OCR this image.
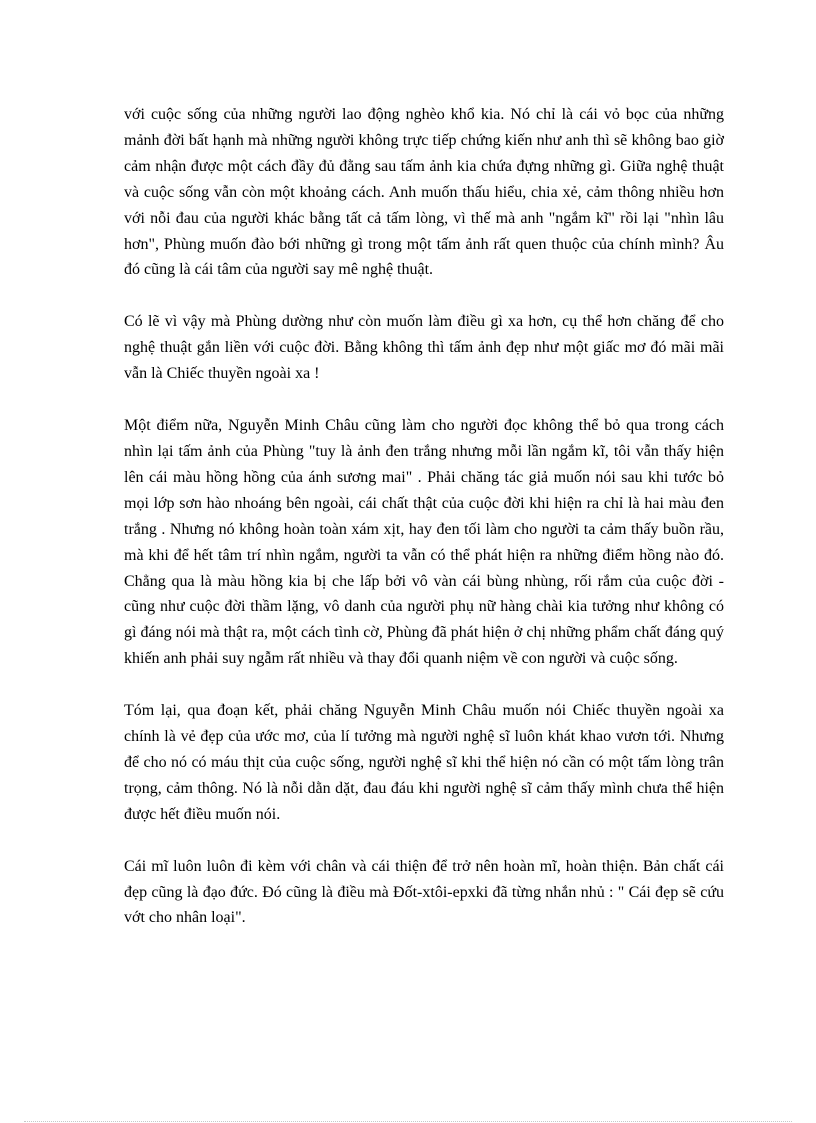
với cuộc sống của những người lao động nghèo khổ kia. Nó chỉ là cái vỏ bọc của những mảnh đời bất hạnh mà những người không trực tiếp chứng kiến như anh thì sẽ không bao giờ cảm nhận được một cách đầy đủ đằng sau tấm ảnh kia chứa đựng những gì. Giữa nghệ thuật và cuộc sống vẫn còn một khoảng cách. Anh muốn thấu hiểu, chia xẻ, cảm thông nhiều hơn với nỗi đau của người khác bằng tất cả tấm lòng, vì thế mà anh "ngắm kĩ" rồi lại "nhìn lâu hơn", Phùng muốn đào bới những gì trong một tấm ảnh rất quen thuộc của chính mình? Âu đó cũng là cái tâm của người say mê nghệ thuật.

Có lẽ vì vậy mà Phùng dường như còn muốn làm điều gì xa hơn, cụ thể hơn chăng để cho nghệ thuật gắn liền với cuộc đời. Bằng không thì tấm ảnh đẹp như một giấc mơ đó mãi mãi vẫn là Chiếc thuyền ngoài xa !

Một điểm nữa, Nguyễn Minh Châu cũng làm cho người đọc không thể bỏ qua trong cách nhìn lại tấm ảnh của Phùng "tuy là ảnh đen trắng nhưng mỗi lần ngắm kĩ, tôi vẫn thấy hiện lên cái màu hồng hồng của ánh sương mai" . Phải chăng tác giả muốn nói sau khi tước bỏ mọi lớp sơn hào nhoáng bên ngoài, cái chất thật của cuộc đời khi hiện ra chỉ là hai màu đen trắng . Nhưng nó không hoàn toàn xám xịt, hay đen tối làm cho người ta cảm thấy buồn rầu, mà khi để hết tâm trí nhìn ngắm, người ta vẫn có thể phát hiện ra những điểm hồng nào đó. Chẳng qua là màu hồng kia bị che lấp bởi vô vàn cái bùng nhùng, rối rắm của cuộc đời - cũng như cuộc đời thầm lặng, vô danh của người phụ nữ hàng chài kia tưởng như không có gì đáng nói mà thật ra, một cách tình cờ, Phùng đã phát hiện ở chị những phẩm chất đáng quý khiến anh phải suy ngẫm rất nhiều và thay đổi quanh niệm về con người và cuộc sống.

Tóm lại, qua đoạn kết, phải chăng Nguyễn Minh Châu muốn nói Chiếc thuyền ngoài xa chính là vẻ đẹp của ước mơ, của lí tưởng mà người nghệ sĩ luôn khát khao vươn tới. Nhưng để cho nó có máu thịt của cuộc sống, người nghệ sĩ khi thể hiện nó cần có một tấm lòng trân trọng, cảm thông. Nó là nỗi dằn dặt, đau đáu khi người nghệ sĩ cảm thấy mình chưa thể hiện được hết điều muốn nói.

Cái mĩ luôn luôn đi kèm với chân và cái thiện để trở nên hoàn mĩ, hoàn thiện. Bản chất cái đẹp cũng là đạo đức. Đó cũng là điều mà Đốt-xtôi-epxki đã từng nhắn nhủ : " Cái đẹp sẽ cứu vớt cho nhân loại".
